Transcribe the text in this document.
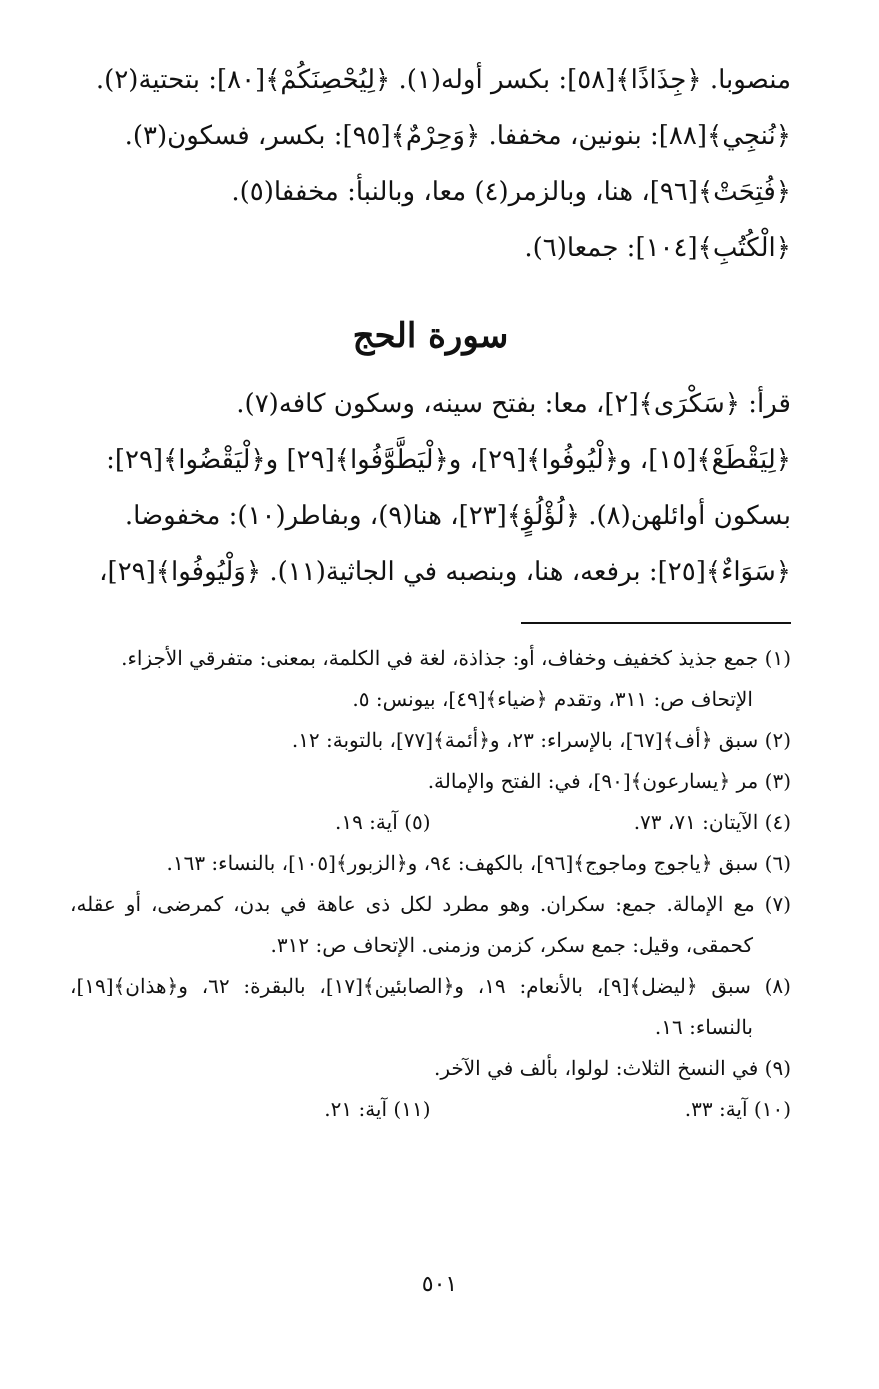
منصوبا. ﴿جِذَاذًا﴾[٥٨]: بكسر أوله(١). ﴿لِيُحْصِنَكُمْ﴾[٨٠]: بتحتية(٢).

﴿نُنجِي﴾[٨٨]: بنونين، مخففا. ﴿وَحِرْمٌ﴾[٩٥]: بكسر، فسكون(٣).

﴿فُتِحَتْ﴾[٩٦]، هنا، وبالزمر(٤) معا، وبالنبأ: مخففا(٥).

﴿الْكُتُبِ﴾[١٠٤]: جمعا(٦).

سورة الحج

قرأ: ﴿سَكْرَى﴾[٢]، معا: بفتح سينه، وسكون كافه(٧).

﴿لِيَقْطَعْ﴾[١٥]، و﴿لْيُوفُوا﴾[٢٩]، و﴿لْيَطَّوَّفُوا﴾[٢٩] و﴿لْيَقْضُوا﴾[٢٩]:

بسكون أوائلهن(٨). ﴿لُؤْلُؤٍ﴾[٢٣]، هنا(٩)، وبفاطر(١٠): مخفوضا.

﴿سَوَاءٌ﴾[٢٥]: برفعه، هنا، وبنصبه في الجاثية(١١). ﴿وَلْيُوفُوا﴾[٢٩]،

(١) جمع جذيذ كخفيف وخفاف، أو: جذاذة، لغة في الكلمة، بمعنى: متفرقي الأجزاء.

الإتحاف ص: ٣١١، وتقدم ﴿ضياء﴾[٤٩]، بيونس: ٥.

(٢) سبق ﴿أف﴾[٦٧]، بالإسراء: ٢٣، و﴿أئمة﴾[٧٧]، بالتوبة: ١٢.

(٣) مر ﴿يسارعون﴾[٩٠]، في: الفتح والإمالة.

(٤) الآيتان: ٧١، ٧٣.
(٥) آية: ١٩.

(٦) سبق ﴿ياجوج وماجوج﴾[٩٦]، بالكهف: ٩٤، و﴿الزبور﴾[١٠٥]، بالنساء: ١٦٣.

(٧) مع الإمالة. جمع: سكران. وهو مطرد لكل ذى عاهة في بدن، كمرضى، أو عقله، كحمقى، وقيل: جمع سكر، كزمن وزمنى. الإتحاف ص: ٣١٢.

(٨) سبق ﴿ليضل﴾[٩]، بالأنعام: ١٩، و﴿الصابئين﴾[١٧]، بالبقرة: ٦٢، و﴿هذان﴾[١٩]، بالنساء: ١٦.

(٩) في النسخ الثلاث: لولوا، بألف في الآخر.

(١٠) آية: ٣٣.
(١١) آية: ٢١.
٥٠١
